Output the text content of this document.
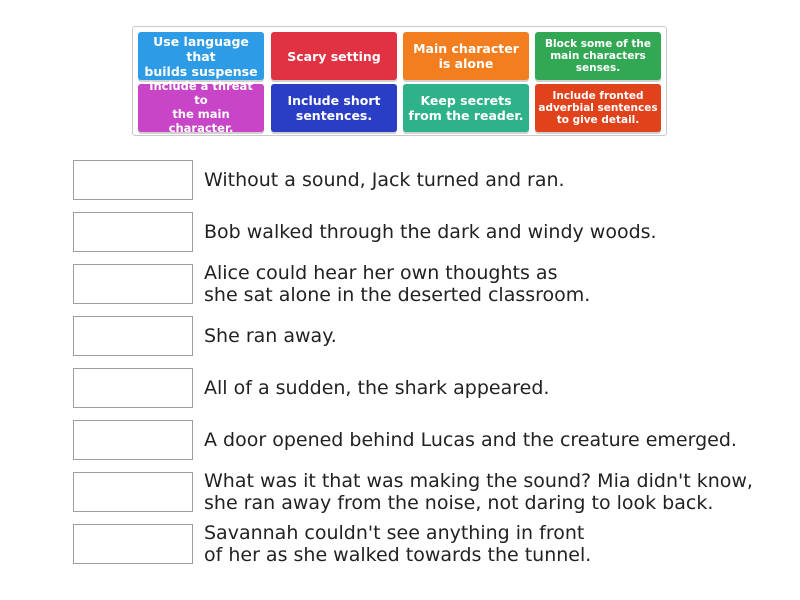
Use language that
builds suspense
Scary setting	Main character
is alone
Block some of the
main characters
senses.
Include a threat to
the main character.
Include short
sentences.
Keep secrets
from the reader.
Include fronted
adverbial sentences
to give detail.
Without a sound, Jack turned and ran.
Bob walked through the dark and windy woods.
Alice could hear her own thoughts as
she sat alone in the deserted classroom.
She ran away.
All of a sudden, the shark appeared.
A door opened behind Lucas and the creature emerged.
What was it that was making the sound? Mia didn't know,
she ran away from the noise, not daring to look back.
Savannah couldn't see anything in front
of her as she walked towards the tunnel.
